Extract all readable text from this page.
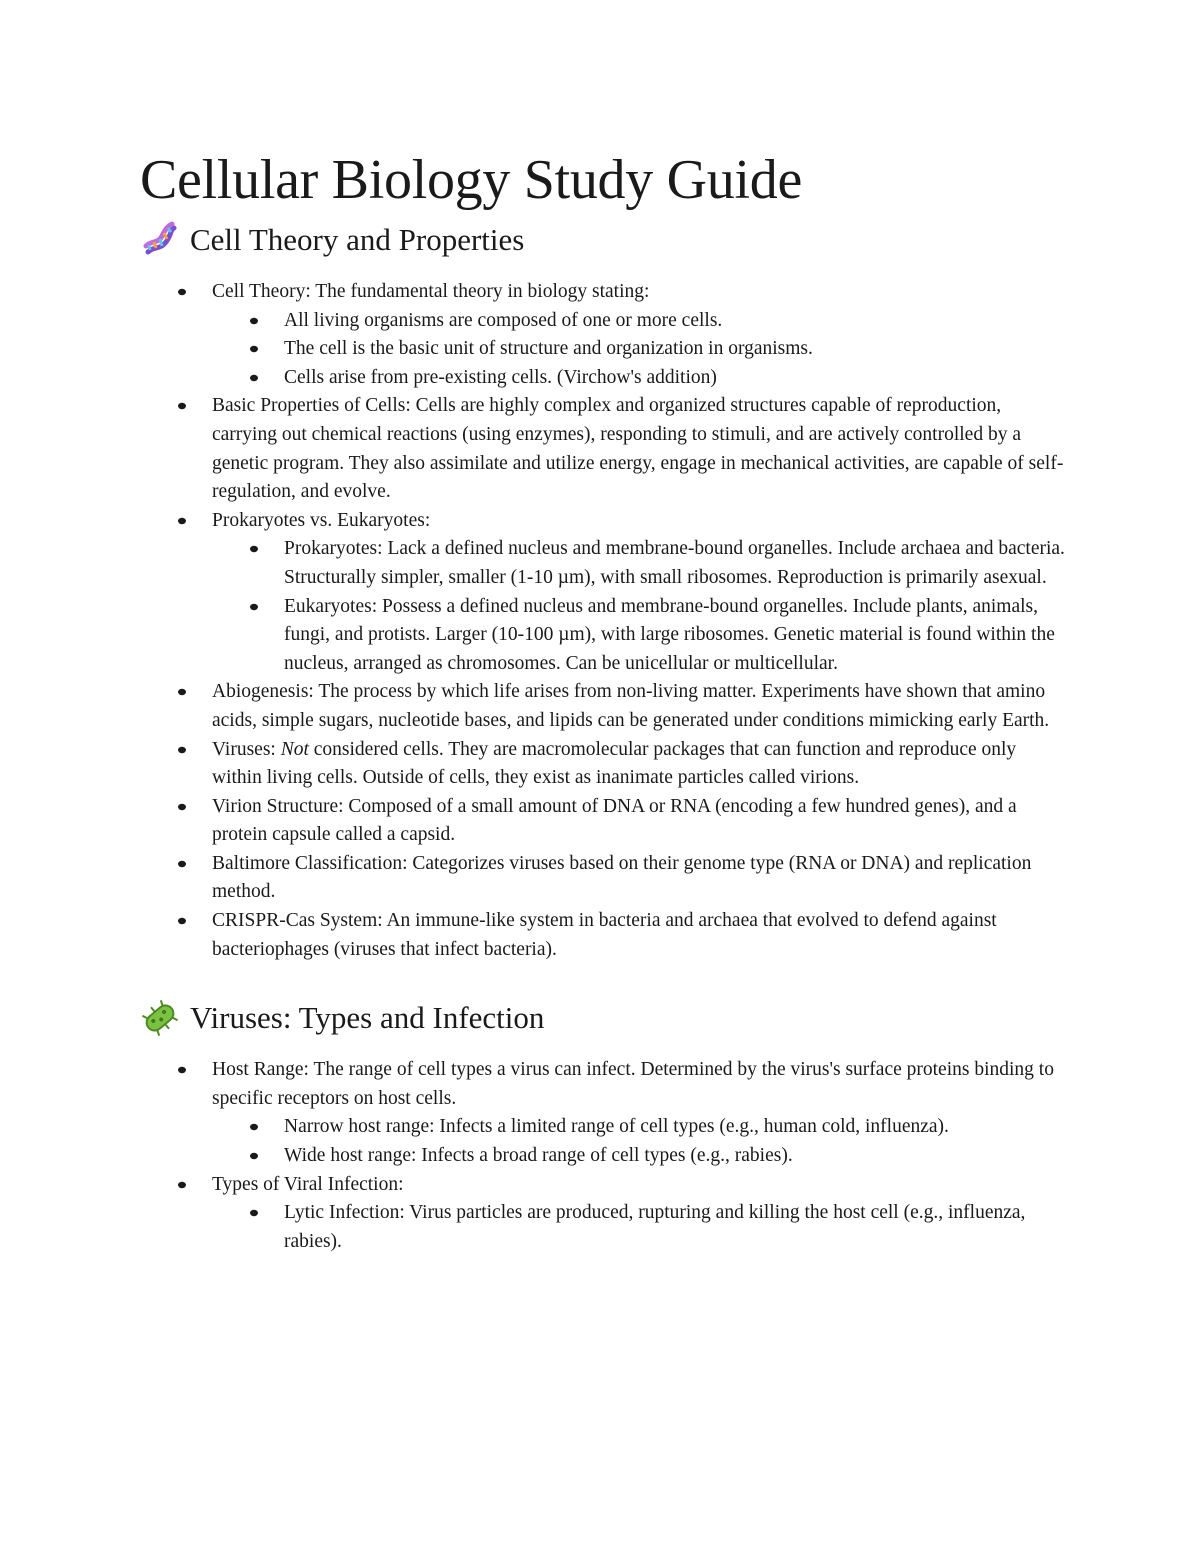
Cellular Biology Study Guide
Cell Theory and Properties
Cell Theory: The fundamental theory in biology stating:
All living organisms are composed of one or more cells.
The cell is the basic unit of structure and organization in organisms.
Cells arise from pre-existing cells. (Virchow's addition)
Basic Properties of Cells: Cells are highly complex and organized structures capable of reproduction, carrying out chemical reactions (using enzymes), responding to stimuli, and are actively controlled by a genetic program. They also assimilate and utilize energy, engage in mechanical activities, are capable of self-regulation, and evolve.
Prokaryotes vs. Eukaryotes:
Prokaryotes: Lack a defined nucleus and membrane-bound organelles. Include archaea and bacteria. Structurally simpler, smaller (1-10 µm), with small ribosomes. Reproduction is primarily asexual.
Eukaryotes: Possess a defined nucleus and membrane-bound organelles. Include plants, animals, fungi, and protists. Larger (10-100 µm), with large ribosomes. Genetic material is found within the nucleus, arranged as chromosomes. Can be unicellular or multicellular.
Abiogenesis: The process by which life arises from non-living matter. Experiments have shown that amino acids, simple sugars, nucleotide bases, and lipids can be generated under conditions mimicking early Earth.
Viruses: Not considered cells. They are macromolecular packages that can function and reproduce only within living cells. Outside of cells, they exist as inanimate particles called virions.
Virion Structure: Composed of a small amount of DNA or RNA (encoding a few hundred genes), and a protein capsule called a capsid.
Baltimore Classification: Categorizes viruses based on their genome type (RNA or DNA) and replication method.
CRISPR-Cas System: An immune-like system in bacteria and archaea that evolved to defend against bacteriophages (viruses that infect bacteria).
Viruses: Types and Infection
Host Range: The range of cell types a virus can infect. Determined by the virus's surface proteins binding to specific receptors on host cells.
Narrow host range: Infects a limited range of cell types (e.g., human cold, influenza).
Wide host range: Infects a broad range of cell types (e.g., rabies).
Types of Viral Infection:
Lytic Infection: Virus particles are produced, rupturing and killing the host cell (e.g., influenza, rabies).
